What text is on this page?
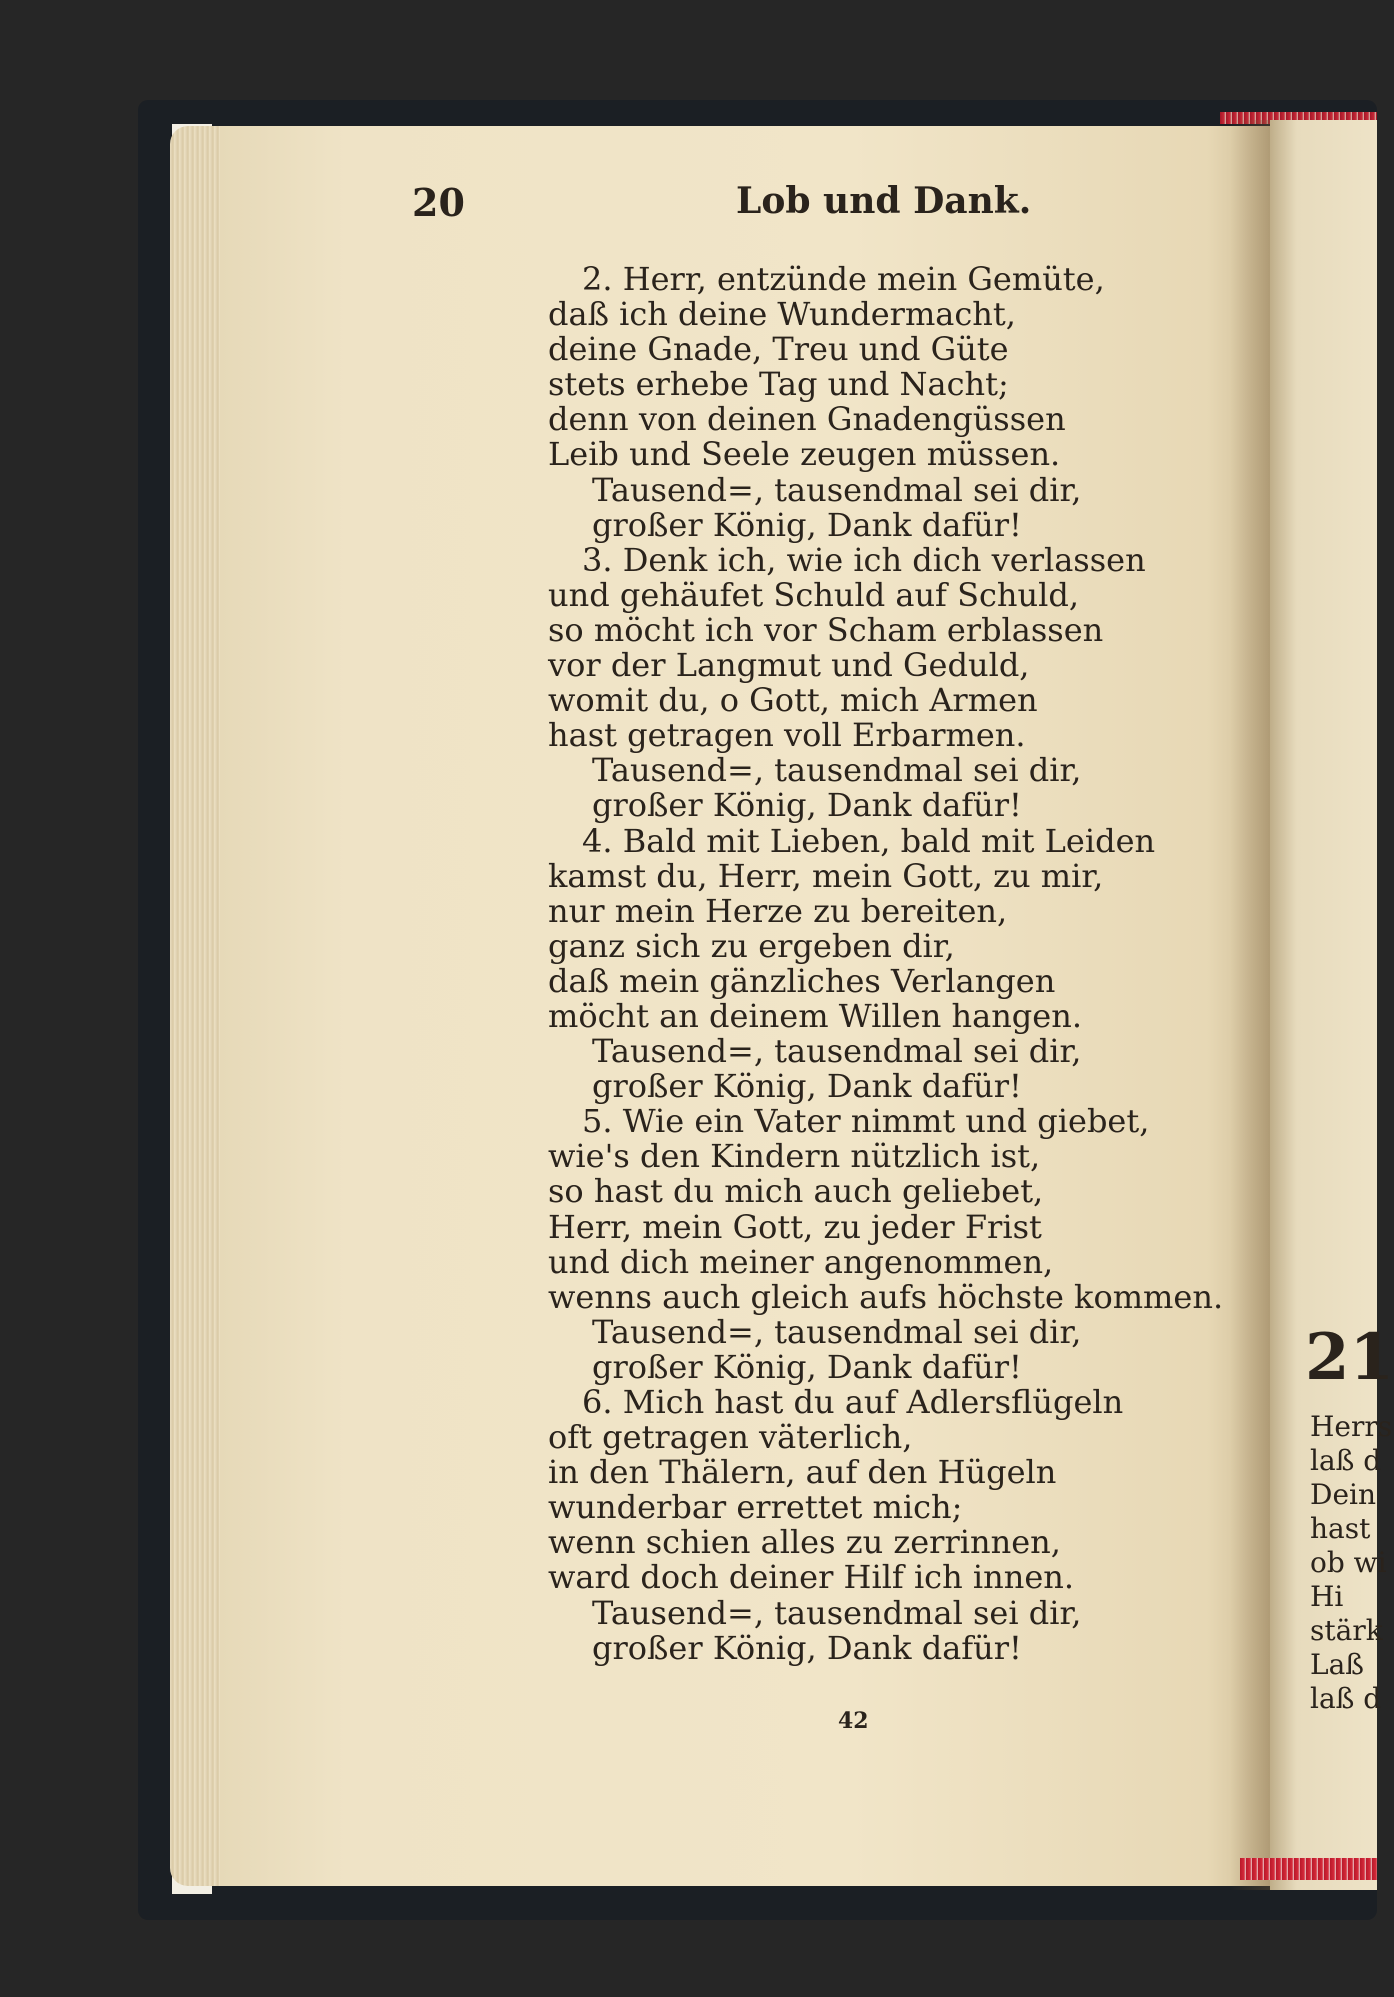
20	Lob und Dank.
2. Herr, entzünde mein Gemüte,
daß ich deine Wundermacht,
deine Gnade, Treu und Güte
stets erhebe Tag und Nacht;
denn von deinen Gnadengüssen
Leib und Seele zeugen müssen.
Tausend=, tausendmal sei dir,
großer König, Dank dafür!
3. Denk ich, wie ich dich verlassen
und gehäufet Schuld auf Schuld,
so möcht ich vor Scham erblassen
vor der Langmut und Geduld,
womit du, o Gott, mich Armen
hast getragen voll Erbarmen.
Tausend=, tausendmal sei dir,
großer König, Dank dafür!
4. Bald mit Lieben, bald mit Leiden
kamst du, Herr, mein Gott, zu mir,
nur mein Herze zu bereiten,
ganz sich zu ergeben dir,
daß mein gänzliches Verlangen
möcht an deinem Willen hangen.
Tausend=, tausendmal sei dir,
großer König, Dank dafür!
5. Wie ein Vater nimmt und giebet,
wie's den Kindern nützlich ist,
so hast du mich auch geliebet,
Herr, mein Gott, zu jeder Frist
und dich meiner angenommen,
wenns auch gleich aufs höchste kommen.
Tausend=, tausendmal sei dir,
großer König, Dank dafür!
6. Mich hast du auf Adlersflügeln
oft getragen väterlich,
in den Thälern, auf den Hügeln
wunderbar errettet mich;
wenn schien alles zu zerrinnen,
ward doch deiner Hilf ich innen.
Tausend=, tausendmal sei dir,
großer König, Dank dafür!
42
21
Herrs
laß d
Dein
hast
ob wi
Hi
stärk
Laß
laß d
